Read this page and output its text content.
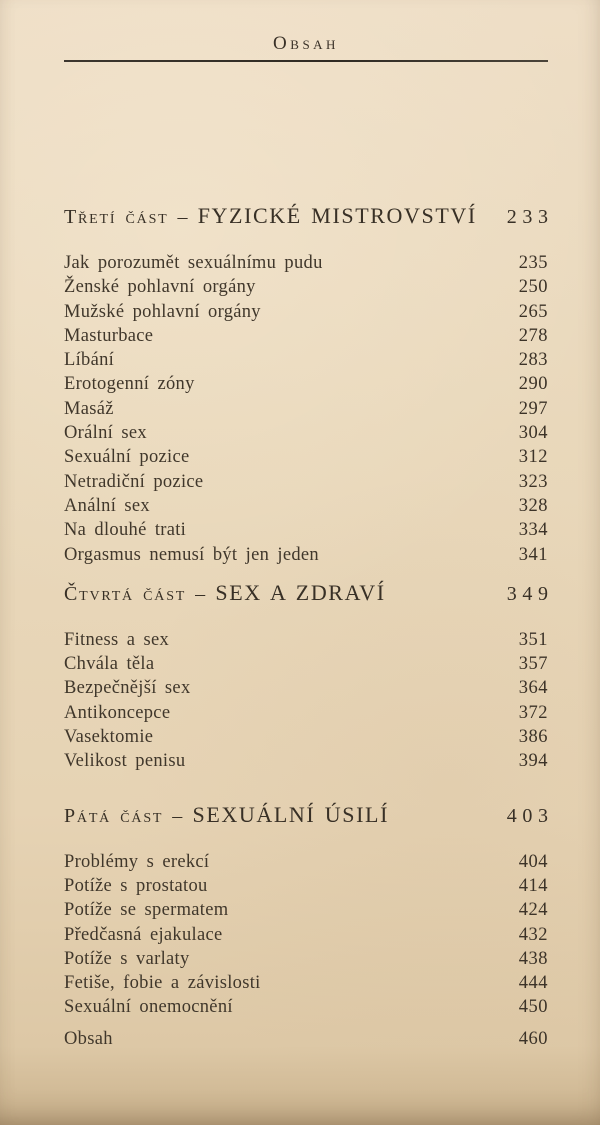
Obsah
Třetí část – FYZICKÉ MISTROVSTVÍ 233
Jak porozumět sexuálnímu pudu	235
Ženské pohlavní orgány	250
Mužské pohlavní orgány	265
Masturbace	278
Líbání	283
Erotogenní zóny	290
Masáž	297
Orální sex	304
Sexuální pozice	312
Netradiční pozice	323
Anální sex	328
Na dlouhé trati	334
Orgasmus nemusí být jen jeden	341
Čtvrtá část – SEX A ZDRAVÍ	349
Fitness a sex	351
Chvála těla	357
Bezpečnější sex	364
Antikoncepce	372
Vasektomie	386
Velikost penisu	394
Pátá část – SEXUÁLNÍ ÚSILÍ	403
Problémy s erekcí	404
Potíže s prostatou	414
Potíže se spermatem	424
Předčasná ejakulace	432
Potíže s varlaty	438
Fetiše, fobie a závislosti	444
Sexuální onemocnění	450
Obsah	460
